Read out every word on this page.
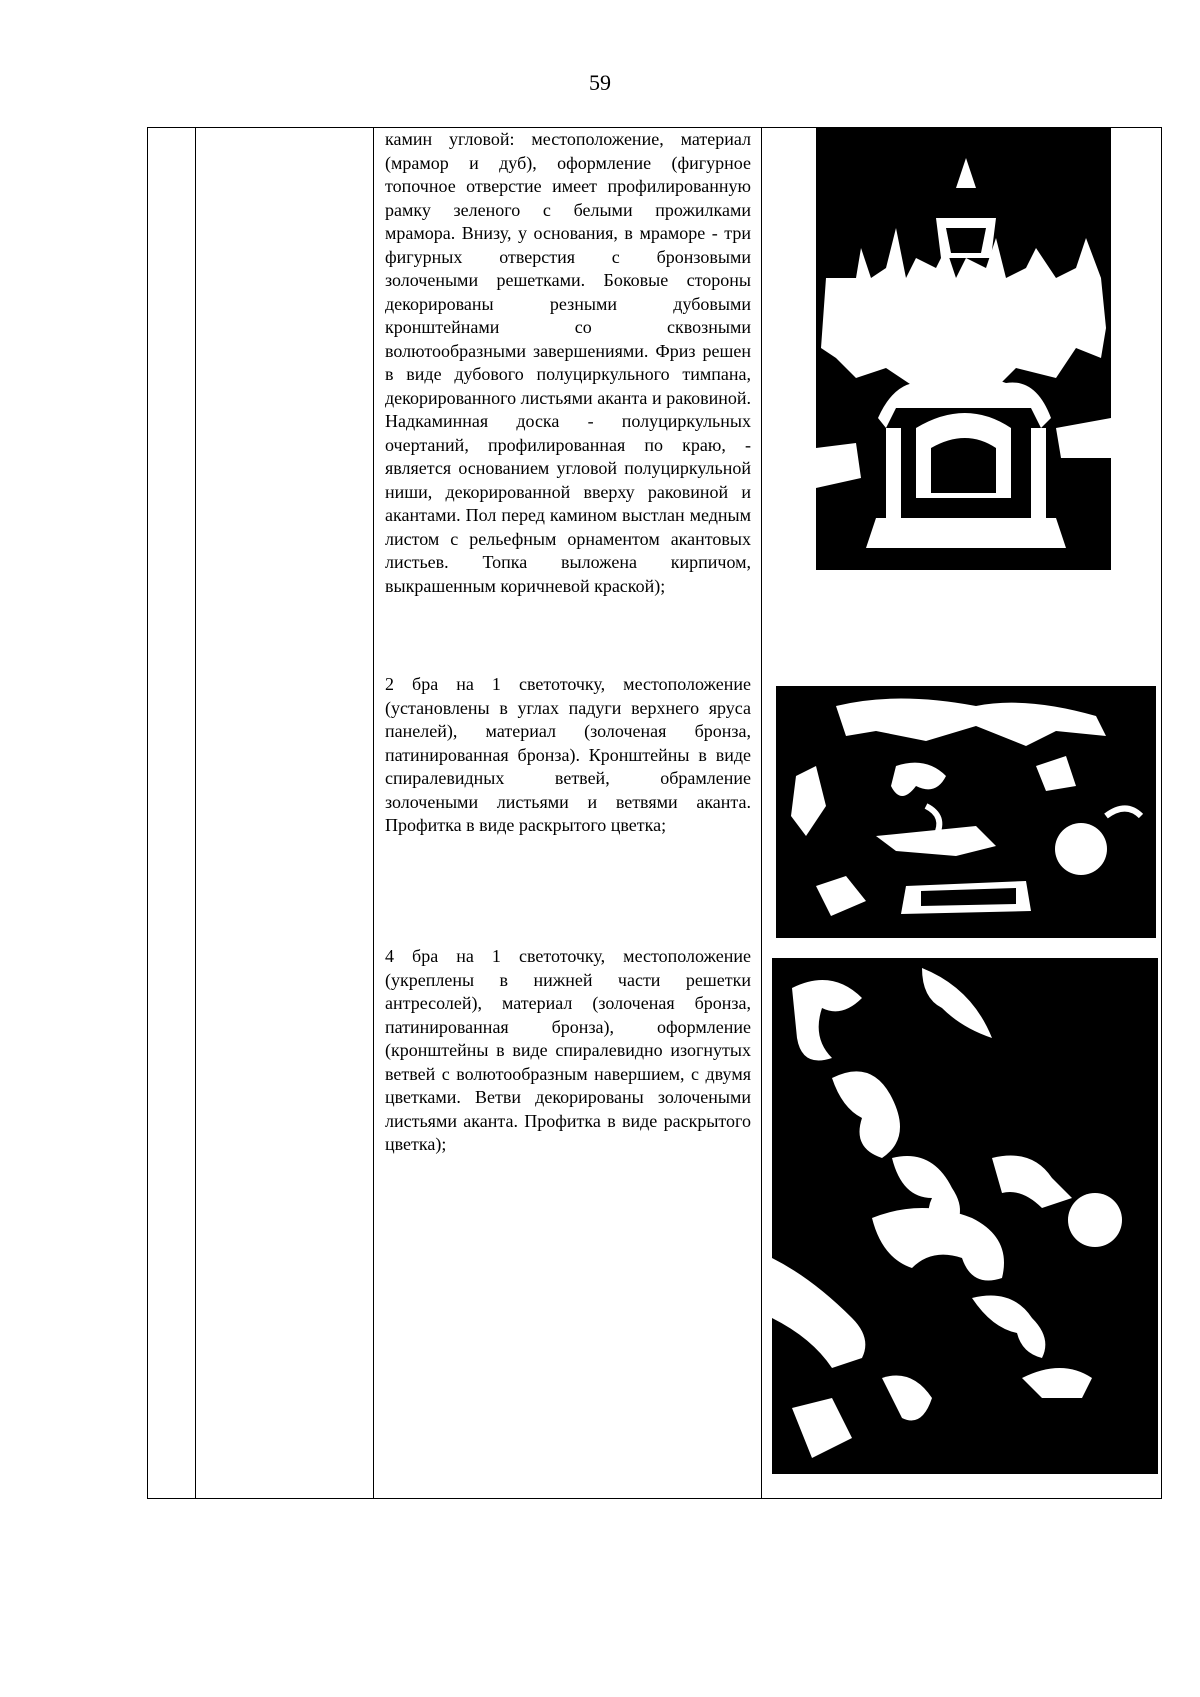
59

камин угловой: местоположение, материал (мрамор и дуб), оформление (фигурное топочное отверстие имеет профилированную рамку зеленого с белыми прожилками мрамора. Внизу, у основания, в мраморе - три фигурных отверстия с бронзовыми золочеными решетками. Боковые стороны декорированы резными дубовыми кронштейнами со сквозными волютообразными завершениями. Фриз решен в виде дубового полуциркульного тимпана, декорированного листьями аканта и раковиной. Надкаминная доска - полуциркульных очертаний, профилированная по краю, - является основанием угловой полуциркульной ниши, декорированной вверху раковиной и акантами. Пол перед камином выстлан медным листом с рельефным орнаментом акантовых листьев. Топка выложена кирпичом, выкрашенным коричневой краской);

2 бра на 1 светоточку, местоположение (установлены в углах падуги верхнего яруса панелей), материал (золоченая бронза, патинированная бронза). Кронштейны в виде спиралевидных ветвей, обрамление золочеными листьями и ветвями аканта. Профитка в виде раскрытого цветка;

4 бра на 1 светоточку, местоположение (укреплены в нижней части решетки антресолей), материал (золоченая бронза, патинированная бронза), оформление (кронштейны в виде спиралевидно изогнутых ветвей с волютообразным навершием, с двумя цветками. Ветви декорированы золочеными листьями аканта. Профитка в виде раскрытого цветка);
